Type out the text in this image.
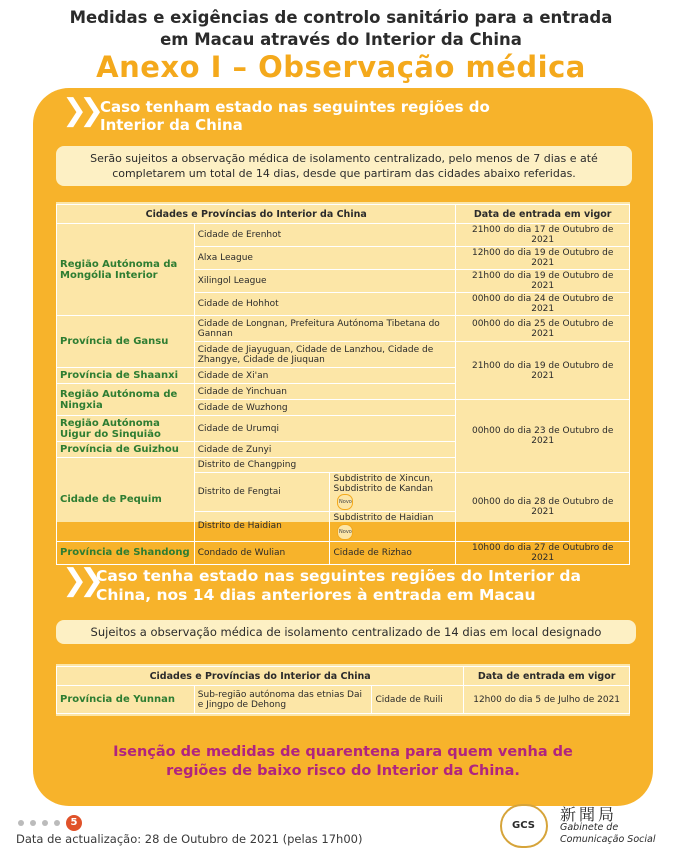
Medidas e exigências de controlo sanitário para a entrada
em Macau através do Interior da China
Anexo I – Observação médica
❯❯ Caso tenham estado nas seguintes regiões do
Interior da China
Serão sujeitos a observação médica de isolamento centralizado, pelo menos de 7 dias e até
completarem um total de 14 dias, desde que partiram das cidades abaixo referidas.
Cidades e Províncias do Interior da China			Data de entrada em vigor
Região Autónoma da Mongólia Interior	Cidade de Erenhot		21h00 do dia 17 de Outubro de 2021
	Alxa League		12h00 do dia 19 de Outubro de 2021
	Xilingol League		21h00 do dia 19 de Outubro de 2021
	Cidade de Hohhot		00h00 do dia 24 de Outubro de 2021
Província de Gansu	Cidade de Longnan, Prefeitura Autónoma Tibetana do Gannan		00h00 do dia 25 de Outubro de 2021
	Cidade de Jiayuguan, Cidade de Lanzhou, Cidade de Zhangye, Cidade de Jiuquan		21h00 do dia 19 de Outubro de 2021
Província de Shaanxi	Cidade de Xi'an		
Região Autónoma de Ningxia	Cidade de Yinchuan		
	Cidade de Wuzhong		00h00 do dia 23 de Outubro de 2021
Região Autónoma Uigur do Sinquião	Cidade de Urumqi		
Província de Guizhou	Cidade de Zunyi		
Cidade de Pequim	Distrito de Changping		
	Distrito de Fengtai	Subdistrito de Xincun, Subdistrito de KandanNovo	00h00 do dia 28 de Outubro de 2021
	Distrito de Haidian	Subdistrito de HaidianNovo	
Província de Shandong	Condado de Wulian	Cidade de Rizhao	10h00 do dia 27 de Outubro de 2021
❯❯ Caso tenha estado nas seguintes regiões do Interior da
China, nos 14 dias anteriores à entrada em Macau
Sujeitos a observação médica de isolamento centralizado de 14 dias em local designado
Cidades e Províncias do Interior da China			Data de entrada em vigor
Província de Yunnan	Sub-região autónoma das etnias Dai e Jingpo de Dehong	Cidade de Ruili	12h00 do dia 5 de Julho de 2021
Isenção de medidas de quarentena para quem venha de
regiões de baixo risco do Interior da China.
5
Data de actualização: 28 de Outubro de 2021 (pelas 17h00)
GCS
新聞局
Gabinete de
Comunicação Social
